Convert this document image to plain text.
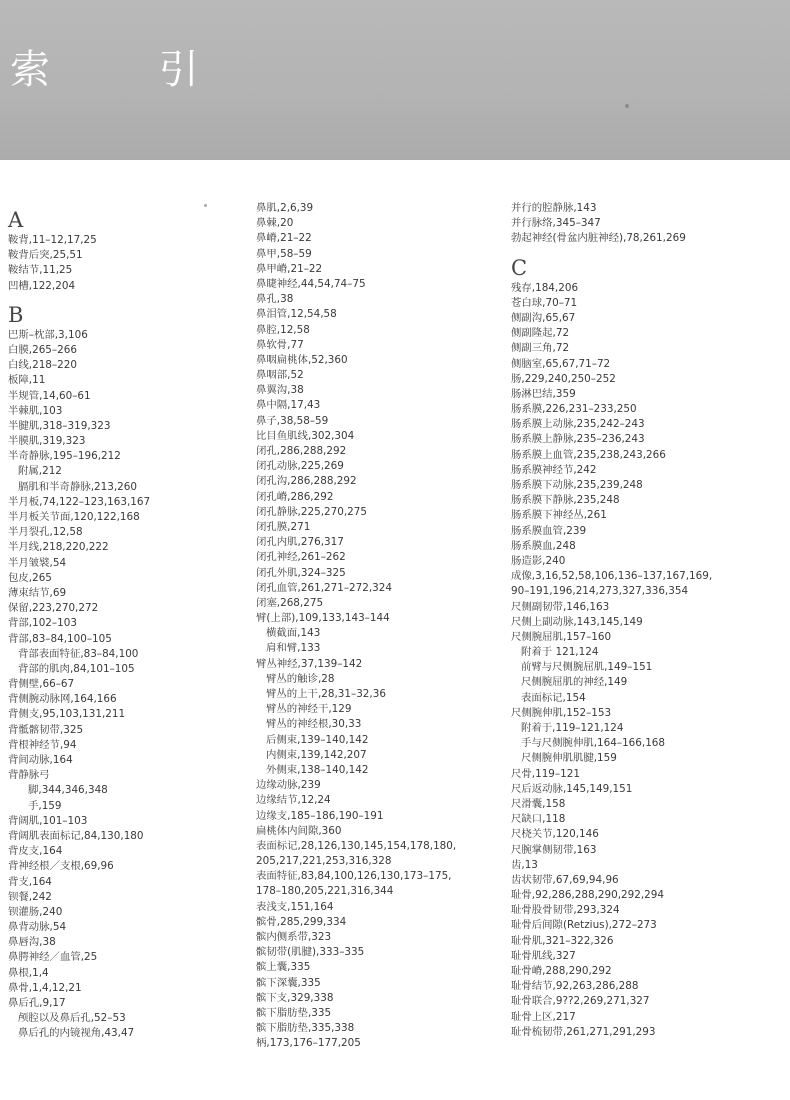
索 引
A
鞍背,11–12,17,25
鞍背后突,25,51
鞍结节,11,25
凹槽,122,204
B
巴斯–枕部,3,106
白膜,265–266
白线,218–220
板障,11
半规管,14,60–61
半棘肌,103
半腱肌,318–319,323
半膜肌,319,323
半奇静脉,195–196,212
附属,212
膈肌和半奇静脉,213,260
半月板,74,122–123,163,167
半月板关节面,120,122,168
半月裂孔,12,58
半月线,218,220,222
半月皱襞,54
包皮,265
薄束结节,69
保留,223,270,272
背部,102–103
背部,83–84,100–105
背部表面特征,83–84,100
背部的肌肉,84,101–105
背侧壁,66–67
背侧腕动脉网,164,166
背侧支,95,103,131,211
背骶髂韧带,325
背根神经节,94
背间动脉,164
背静脉弓
脚,344,346,348
手,159
背阔肌,101–103
背阔肌表面标记,84,130,180
背皮支,164
背神经根／支根,69,96
背支,164
钡餐,242
钡灌肠,240
鼻背动脉,54
鼻唇沟,38
鼻腭神经／血管,25
鼻根,1,4
鼻骨,1,4,12,21
鼻后孔,9,17
颅腔以及鼻后孔,52–53
鼻后孔的内镜视角,43,47
鼻肌,2,6,39
鼻棘,20
鼻嵴,21–22
鼻甲,58–59
鼻甲嵴,21–22
鼻睫神经,44,54,74–75
鼻孔,38
鼻泪管,12,54,58
鼻腔,12,58
鼻软骨,77
鼻咽扁桃体,52,360
鼻咽部,52
鼻翼沟,38
鼻中隔,17,43
鼻子,38,58–59
比目鱼肌线,302,304
闭孔,286,288,292
闭孔动脉,225,269
闭孔沟,286,288,292
闭孔嵴,286,292
闭孔静脉,225,270,275
闭孔膜,271
闭孔内肌,276,317
闭孔神经,261–262
闭孔外肌,324–325
闭孔血管,261,271–272,324
闭塞,268,275
臂(上部),109,133,143–144
横截面,143
肩和臂,133
臂丛神经,37,139–142
臂丛的触诊,28
臂丛的上干,28,31–32,36
臂丛的神经干,129
臂丛的神经根,30,33
后侧束,139–140,142
内侧束,139,142,207
外侧束,138–140,142
边缘动脉,239
边缘结节,12,24
边缘支,185–186,190–191
扁桃体内间隙,360
表面标记,28,126,130,145,154,178,180,
205,217,221,253,316,328
表面特征,83,84,100,126,130,173–175,
178–180,205,221,316,344
表浅支,151,164
髌骨,285,299,334
髌内侧系带,323
髌韧带(肌腱),333–335
髌上囊,335
髌下深囊,335
髌下支,329,338
髌下脂肪垫,335
髌下脂肪垫,335,338
柄,173,176–177,205
并行的腔静脉,143
并行脉络,345–347
勃起神经(骨盆内脏神经),78,261,269
C
残存,184,206
苍白球,70–71
侧副沟,65,67
侧副隆起,72
侧副三角,72
侧脑室,65,67,71–72
肠,229,240,250–252
肠淋巴结,359
肠系膜,226,231–233,250
肠系膜上动脉,235,242–243
肠系膜上静脉,235–236,243
肠系膜上血管,235,238,243,266
肠系膜神经节,242
肠系膜下动脉,235,239,248
肠系膜下静脉,235,248
肠系膜下神经丛,261
肠系膜血管,239
肠系膜血,248
肠造影,240
成像,3,16,52,58,106,136–137,167,169,
90–191,196,214,273,327,336,354
尺侧副韧带,146,163
尺侧上副动脉,143,145,149
尺侧腕屈肌,157–160
附着于 121,124
前臂与尺侧腕屈肌,149–151
尺侧腕屈肌的神经,149
表面标记,154
尺侧腕伸肌,152–153
附着于,119–121,124
手与尺侧腕伸肌,164–166,168
尺侧腕伸肌肌腱,159
尺骨,119–121
尺后返动脉,145,149,151
尺滑囊,158
尺缺口,118
尺桡关节,120,146
尺腕掌侧韧带,163
齿,13
齿状韧带,67,69,94,96
耻骨,92,286,288,290,292,294
耻骨股骨韧带,293,324
耻骨后间隙(Retzius),272–273
耻骨肌,321–322,326
耻骨肌线,327
耻骨嵴,288,290,292
耻骨结节,92,263,286,288
耻骨联合,9??2,269,271,327
耻骨上区,217
耻骨梳韧带,261,271,291,293
